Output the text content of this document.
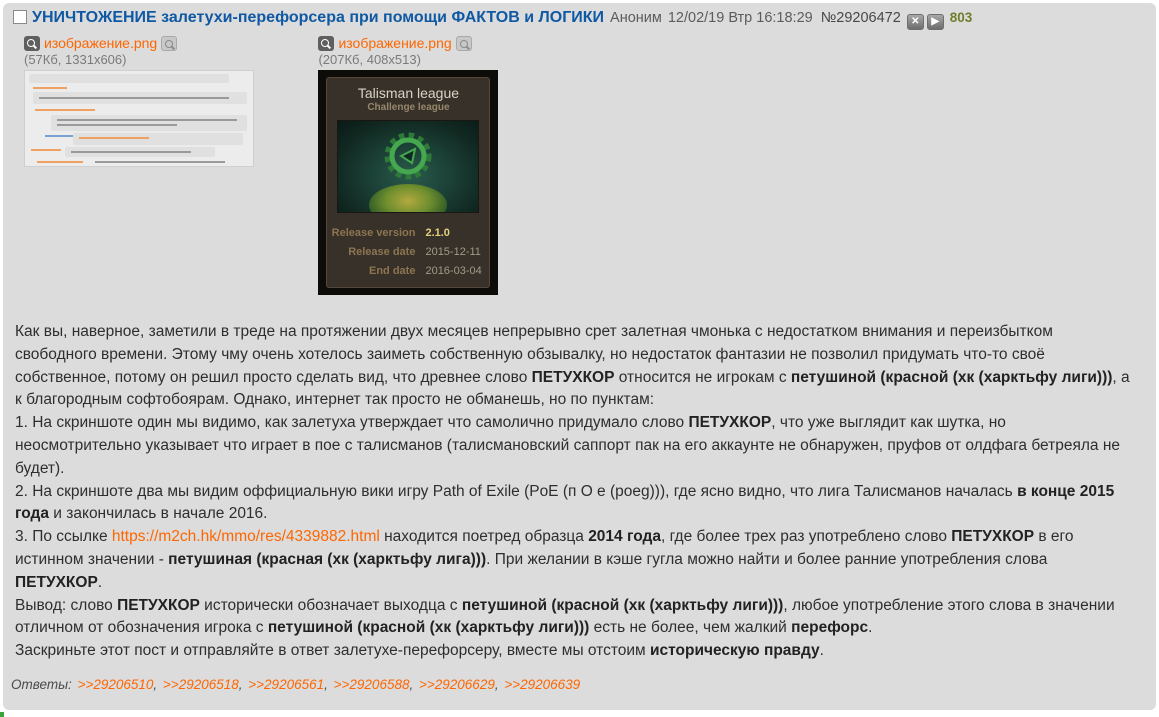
УНИЧТОЖЕНИЕ залетухи-перефорсера при помощи ФАКТОВ и ЛОГИКИ Аноним 12/02/19 Втр 16:18:29 №29206472 ✕ ▶ 803
изображение.png
(57Кб, 1331x606)

изображение.png
(207Кб, 408x513)
Talisman league
Challenge league
Release version 2.1.0
Release date 2015-12-11
End date 2016-03-04
Как вы, наверное, заметили в треде на протяжении двух месяцев непрерывно срет залетная чмонька с недостатком внимания и переизбытком свободного времени. Этому чму очень хотелось заиметь собственную обзывалку, но недостаток фантазии не позволил придумать что-то своё собственное, потому он решил просто сделать вид, что древнее слово ПЕТУХКОР относится не игрокам с петушиной (красной (хк (харктьфу лиги))), а к благородным софтобоярам. Однако, интернет так просто не обманешь, но по пунктам:
1. На скриншоте один мы видимо, как залетуха утверждает что самолично придумало слово ПЕТУХКОР, что уже выглядит как шутка, но неосмотрительно указывает что играет в пое с талисманов (талисмановский саппорт пак на его аккаунте не обнаружен, пруфов от олдфага бетреяла не будет).
2. На скриншоте два мы видим оффициальную вики игру Path of Exile (PoE (п О е (poeg))), где ясно видно, что лига Талисманов началась в конце 2015 года и закончилась в начале 2016.
3. По ссылке https://m2ch.hk/mmo/res/4339882.html находится поетред образца 2014 года, где более трех раз употреблено слово ПЕТУХКОР в его истинном значении - петушиная (красная (хк (харктьфу лига))). При желании в кэше гугла можно найти и более ранние употребления слова ПЕТУХКОР.
Вывод: слово ПЕТУХКОР исторически обозначает выходца с петушиной (красной (хк (харктьфу лиги))), любое употребление этого слова в значении отличном от обозначения игрока с петушиной (красной (хк (харктьфу лиги))) есть не более, чем жалкий перефорс.
Заскриньте этот пост и отправляйте в ответ залетухе-перефорсеру, вместе мы отстоим историческую правду.
Ответы: >>29206510, >>29206518, >>29206561, >>29206588, >>29206629, >>29206639
